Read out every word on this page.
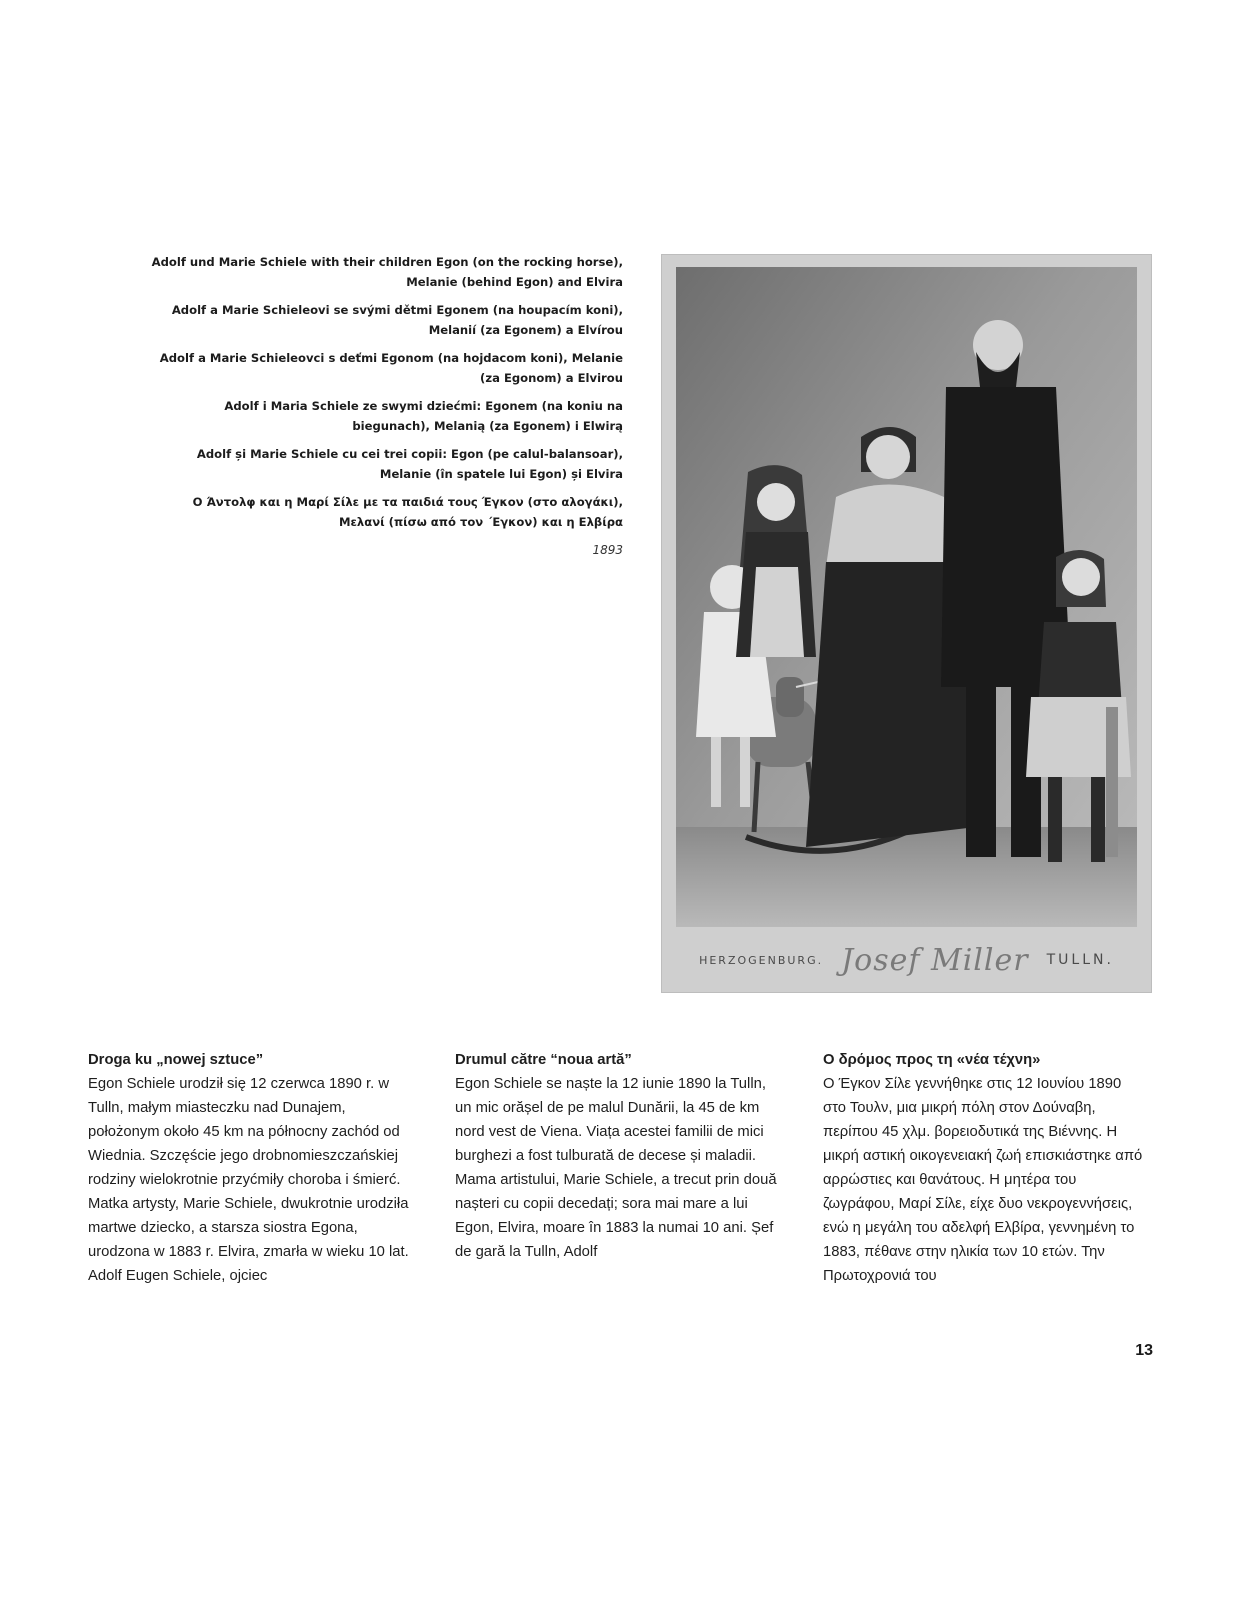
Adolf und Marie Schiele with their children Egon (on the rocking horse), Melanie (behind Egon) and Elvira

Adolf a Marie Schieleovi se svými dětmi Egonem (na houpacím koni), Melanií (za Egonem) a Elvírou

Adolf a Marie Schieleovci s deťmi Egonom (na hojdacom koni), Melanie (za Egonom) a Elvirou

Adolf i Maria Schiele ze swymi dziećmi: Egonem (na koniu na biegunach), Melanią (za Egonem) i Elwirą

Adolf și Marie Schiele cu cei trei copii: Egon (pe calul-balansoar), Melanie (în spatele lui Egon) și Elvira

Ο Άντολφ και η Μαρί Σίλε με τα παιδιά τους Έγκον (στο αλογάκι), Μελανί (πίσω από τον ΄Εγκον) και η Ελβίρα

1893

HERZOGENBURG. Josef Miller TULLN.
Droga ku „nowej sztuce”

Egon Schiele urodził się 12 czerwca 1890 r. w Tulln, małym miasteczku nad Dunajem, położonym około 45 km na północny zachód od Wiednia. Szczęście jego drobnomieszczańskiej rodziny wielokrotnie przyćmiły choroba i śmierć. Matka artysty, Marie Schiele, dwukrotnie urodziła martwe dziecko, a starsza siostra Egona, urodzona w 1883 r. Elvira, zmarła w wieku 10 lat. Adolf Eugen Schiele, ojciec

Drumul către “noua artă”

Egon Schiele se naște la 12 iunie 1890 la Tulln, un mic orășel de pe malul Dunării, la 45 de km nord vest de Viena. Viața acestei familii de mici burghezi a fost tulburată de decese și maladii. Mama artistului, Marie Schiele, a trecut prin două nașteri cu copii decedați; sora mai mare a lui Egon, Elvira, moare în 1883 la numai 10 ani. Șef de gară la Tulln, Adolf

Ο δρόμος προς τη «νέα τέχνη»

Ο Έγκον Σίλε γεννήθηκε στις 12 Ιουνίου 1890 στο Τουλν, μια μικρή πόλη στον Δούναβη, περίπου 45 χλμ. βορειοδυτικά της Βιέννης. Η μικρή αστική οικογενειακή ζωή επισκιάστηκε από αρρώστιες και θανάτους. Η μητέρα του ζωγράφου, Μαρί Σίλε, είχε δυο νεκρογεννήσεις, ενώ η μεγάλη του αδελφή Ελβίρα, γεννημένη το 1883, πέθανε στην ηλικία των 10 ετών. Την Πρωτοχρονιά του

13
